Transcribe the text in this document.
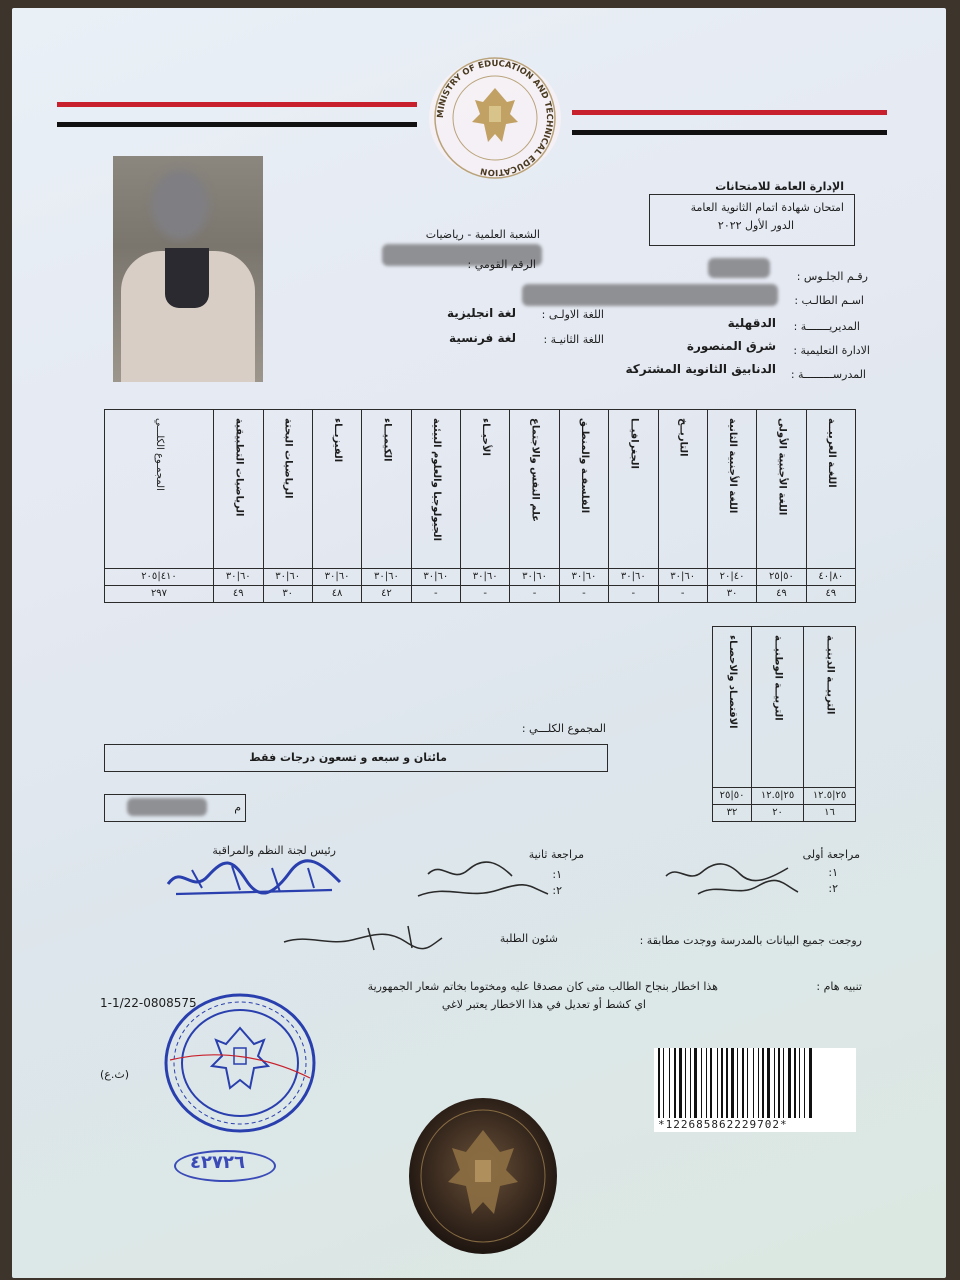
MINISTRY OF EDUCATION AND TECHNICAL EDUCATION
الإدارة العامة للامتحانات
امتحان شهادة اتمام الثانوية العامة
الدور الأول ٢٠٢٢
الشعبة العلمية - رياضيات
الرقم القومي :
رقـم الجلـوس :
اسـم الطالـب :
اللغة الاولـى :
لغة انجليزية
اللغة الثانيـة :
لغة فرنسية
المديريـــــــة :
الدقهلية
الادارة التعليمية :
شرق المنصورة
المدرســـــــــة :
الدنابيق الثانوية المشتركة
اللغـة العربيــة	اللغة الأجنبية الأولى	اللغة الأجنبية الثانية	التاريــخ	الجغرافيــا	الفلسفـة والمنطـق	علم النفس والاجتماع	الأحيــاء	الجيولوجيا والعلوم البيئية	الكيميــاء	الفيزيــاء	الرياضيات البحتة	الرياضيات التطبيقية	المجمـوع الكلـــي
٨٠|٤٠	٥٠|٢٥	٤٠|٢٠	٦٠|٣٠	٦٠|٣٠	٦٠|٣٠	٦٠|٣٠	٦٠|٣٠	٦٠|٣٠	٦٠|٣٠	٦٠|٣٠	٦٠|٣٠	٦٠|٣٠	٤١٠|٢٠٥
٤٩	٤٩	٣٠	-	-	-	-	-	-	٤٢	٤٨	٣٠	٤٩	٢٩٧
التربيــة الدينيــة	التربيــة الوطنيــة	الاقتصـاد والاحصـاء
٢٥|١٢.٥	٢٥|١٢.٥	٥٠|٢٥
١٦	٢٠	٣٢
المجموع الكلـــي :
مائتان و سبعه و تسعون درجات فقط
م
مراجعة أولى
١:
٢:
مراجعة ثانية
١:
٢:
رئيس لجنة النظم والمراقبة
روجعت جميع البيانات بالمدرسة ووجدت مطابقة :
شئون الطلبة
تنبيه هام :
هذا اخطار بنجاح الطالب متى كان مصدقا عليه ومختوما بخاتم شعار الجمهورية
اي كشط أو تعديل في هذا الاخطار يعتبر لاغي
1-1/22-0808575
(ث.ع)
٤٢٧٢٦
*122685862229702*
